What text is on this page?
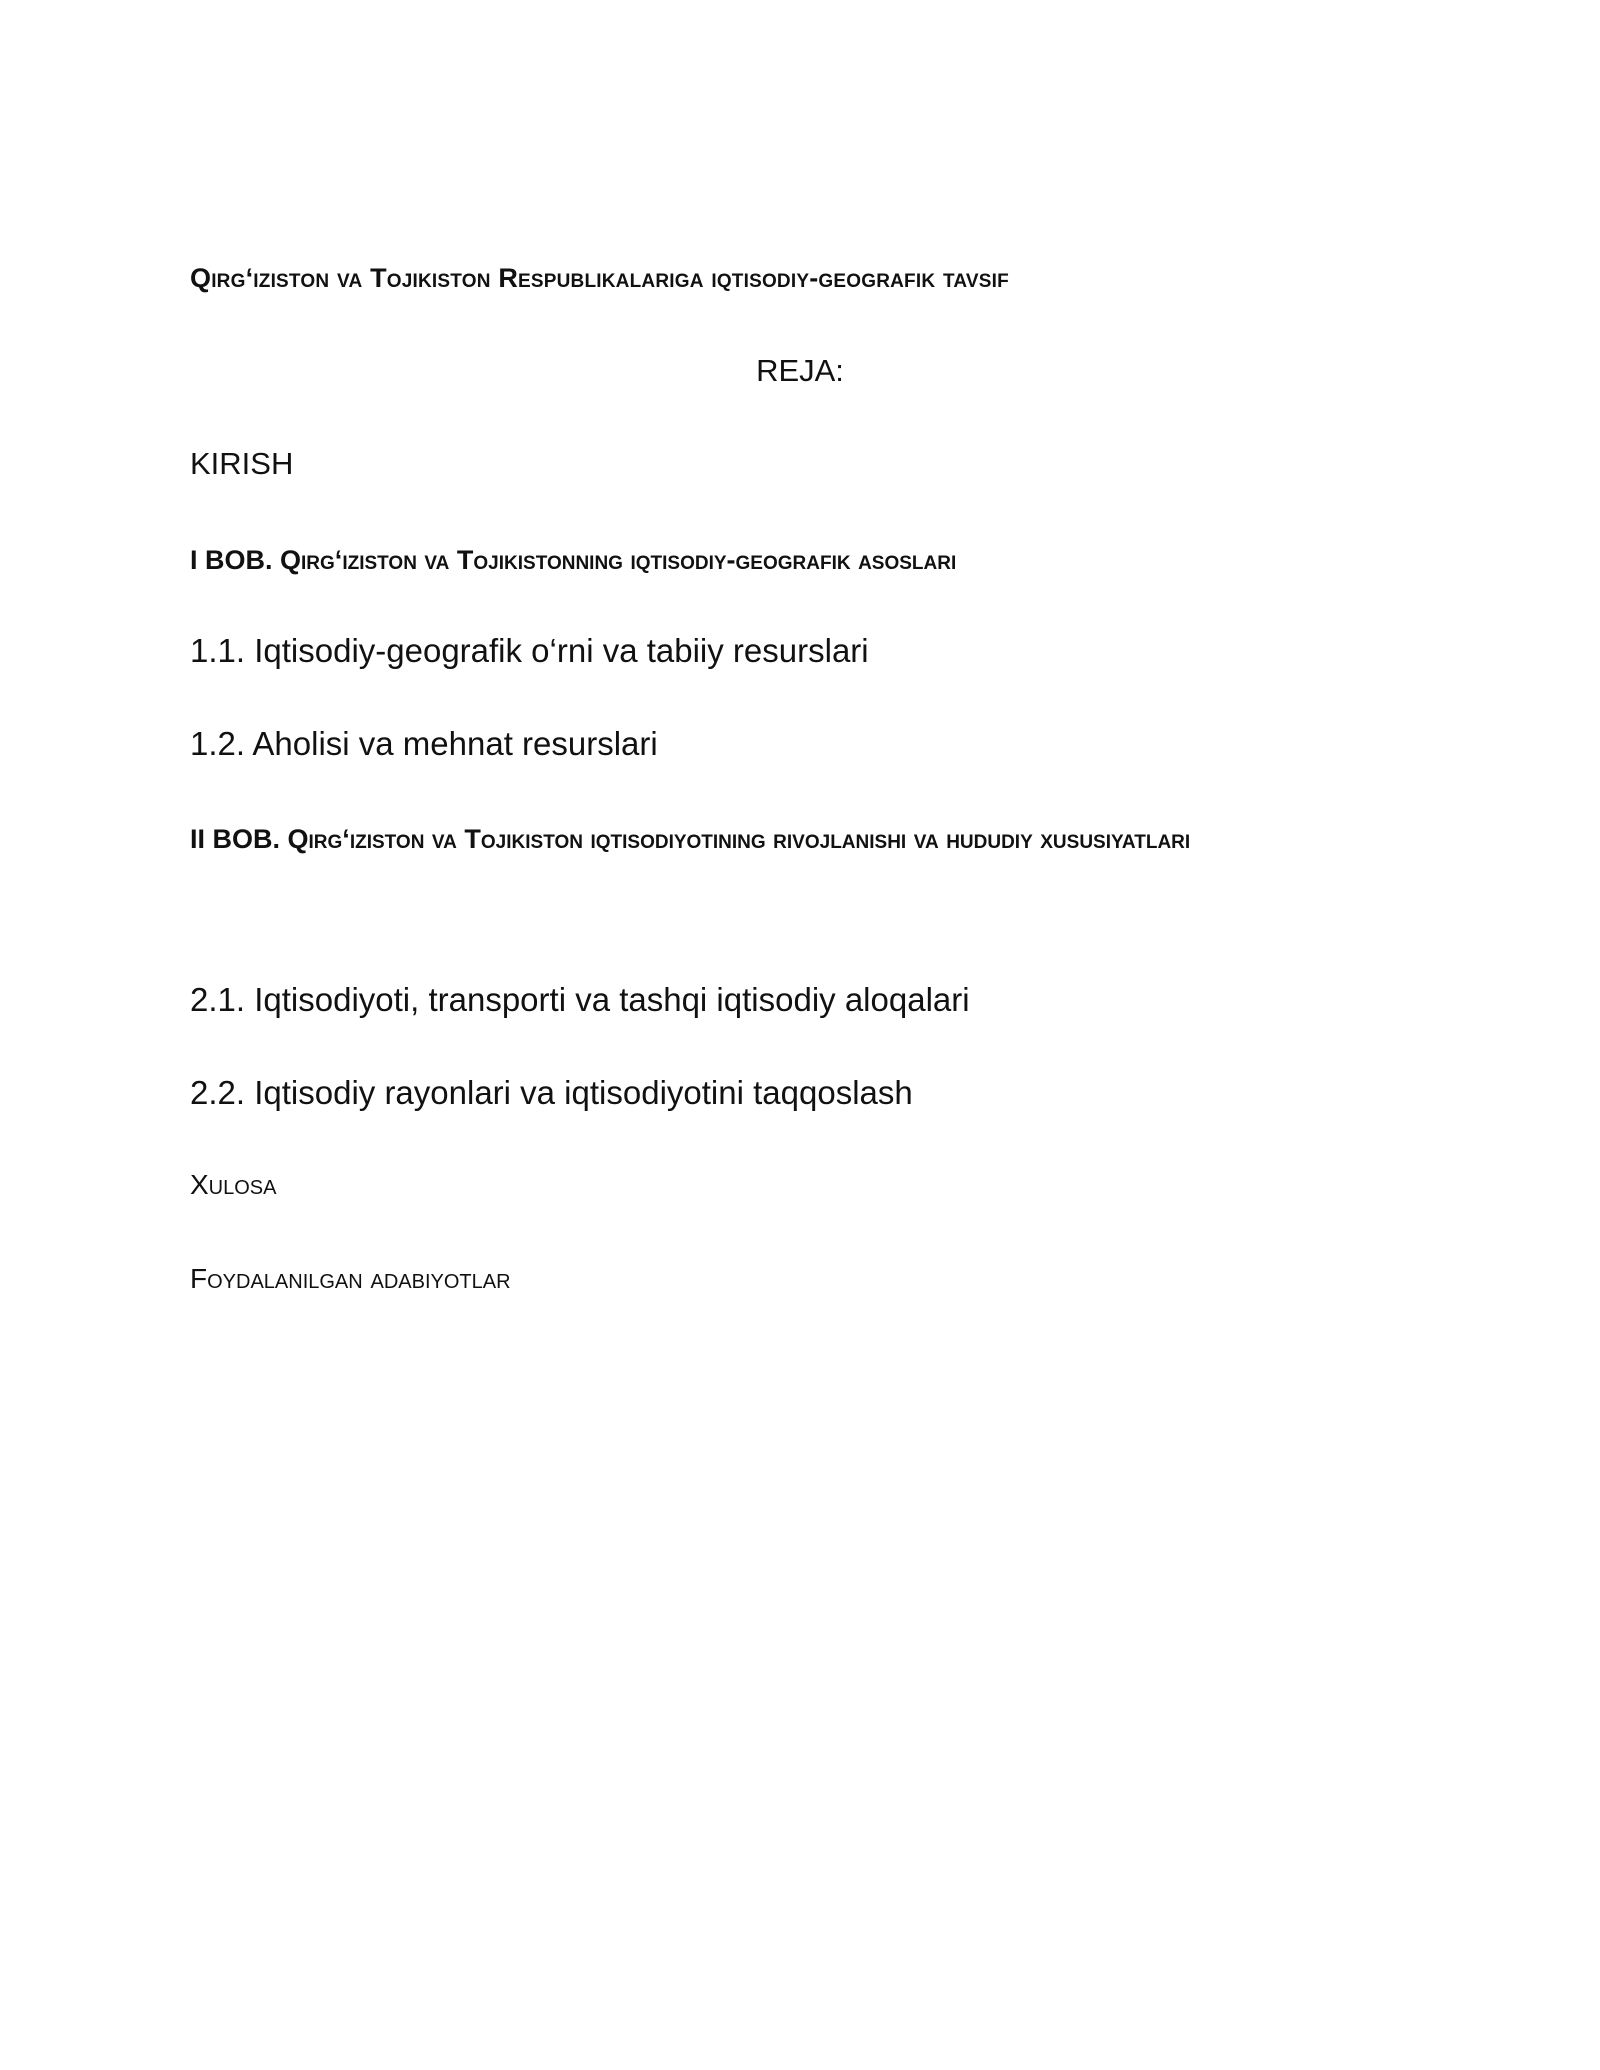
Qirg‘iziston va Tojikiston Respublikalariga iqtisodiy-geografik tavsif
REJA:
KIRISH
I BOB. Qirg‘iziston va Tojikistonning iqtisodiy-geografik asoslari
1.1. Iqtisodiy-geografik o‘rni va tabiiy resurslari
1.2. Aholisi va mehnat resurslari
II BOB. Qirg‘iziston va Tojikiston iqtisodiyotining rivojlanishi va hududiy xususiyatlari
2.1. Iqtisodiyoti, transporti va tashqi iqtisodiy aloqalari
2.2. Iqtisodiy rayonlari va iqtisodiyotini taqqoslash
Xulosa
Foydalanilgan adabiyotlar
